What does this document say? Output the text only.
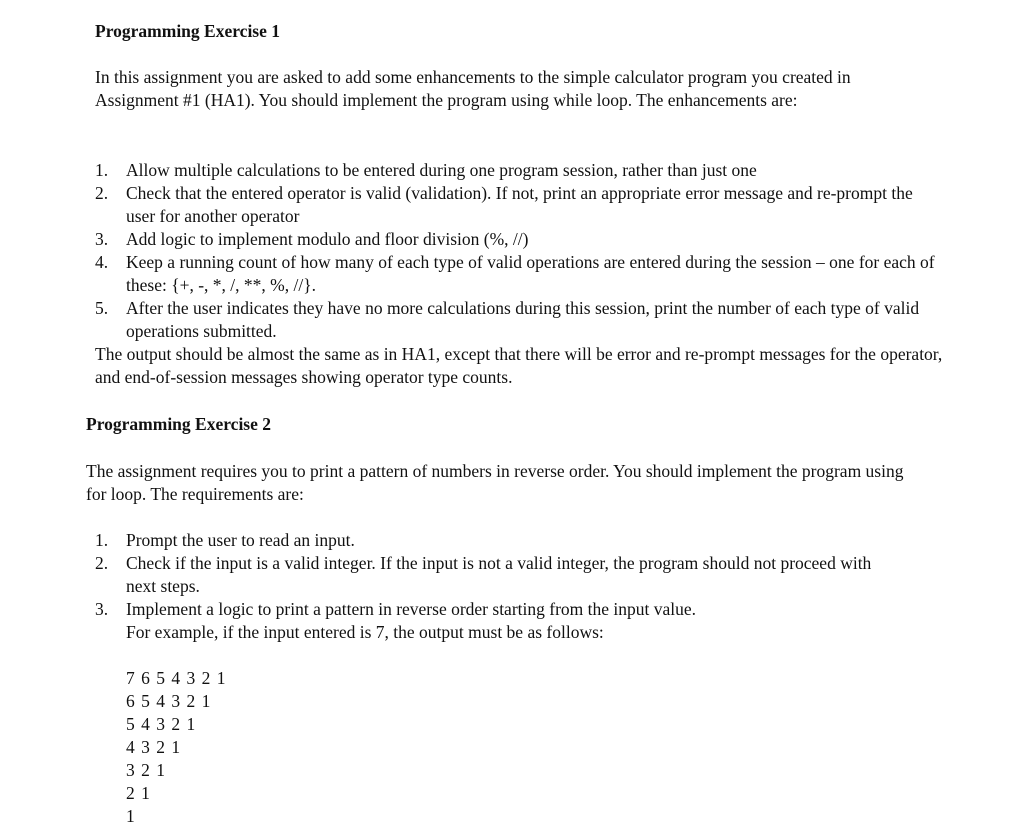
Programming Exercise 1

In this assignment you are asked to add some enhancements to the simple calculator program you created in Assignment #1 (HA1). You should implement the program using while loop. The enhancements are:

1. Allow multiple calculations to be entered during one program session, rather than just one
2. Check that the entered operator is valid (validation). If not, print an appropriate error message and re-prompt the user for another operator
3. Add logic to implement modulo and floor division (%, //)
4. Keep a running count of how many of each type of valid operations are entered during the session – one for each of these: {+, -, *, /, **, %, //}.
5. After the user indicates they have no more calculations during this session, print the number of each type of valid operations submitted.

The output should be almost the same as in HA1, except that there will be error and re-prompt messages for the operator, and end-of-session messages showing operator type counts.

Programming Exercise 2

The assignment requires you to print a pattern of numbers in reverse order. You should implement the program using for loop. The requirements are:

1. Prompt the user to read an input.
2. Check if the input is a valid integer. If the input is not a valid integer, the program should not proceed with next steps.
3. Implement a logic to print a pattern in reverse order starting from the input value.
For example, if the input entered is 7, the output must be as follows:
7 6 5 4 3 2 1
6 5 4 3 2 1
5 4 3 2 1
4 3 2 1
3 2 1
2 1
1
